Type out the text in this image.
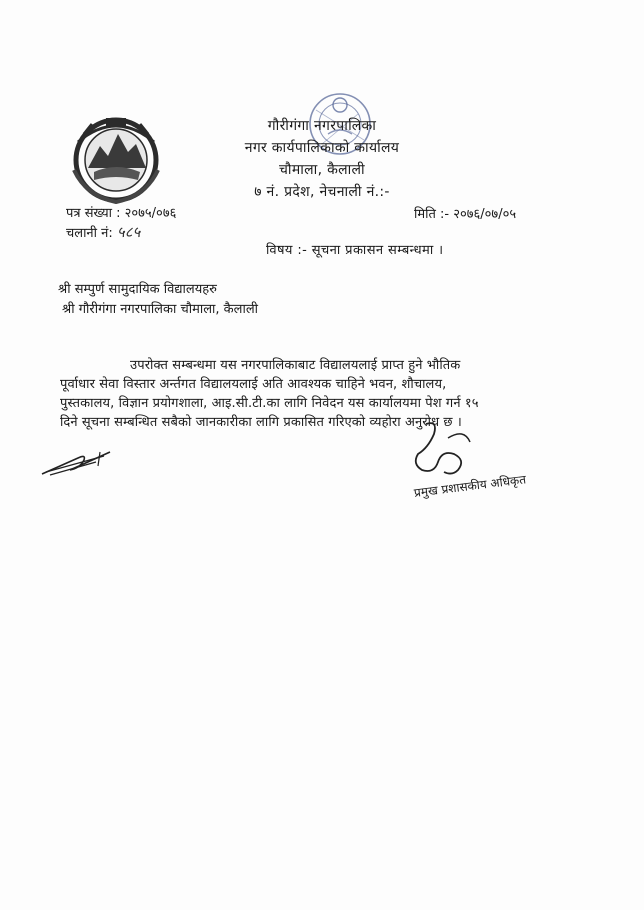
गौरीगंगा नगरपालिका
नगर कार्यपालिकाको कार्यालय
चौमाला, कैलाली
७ नं. प्रदेश, नेचनाली नं.:-
पत्र संख्या : २०७५/०७६
चलानी नं: ५८५
मिति :- २०७६/०७/०५
विषय :- सूचना प्रकासन सम्बन्धमा ।
श्री सम्पुर्ण सामुदायिक विद्यालयहरु
श्री गौरीगंगा नगरपालिका चौमाला, कैलाली
उपरोक्त सम्बन्धमा यस नगरपालिकाबाट विद्यालयलाई प्राप्त हुने भौतिक
पूर्वाधार सेवा विस्तार अर्न्तगत विद्यालयलाई अति आवश्यक चाहिने भवन, शौचालय,
पुस्तकालय, विज्ञान प्रयोगशाला, आइ.सी.टी.का लागि निवेदन यस कार्यालयमा पेश गर्न १५
दिने सूचना सम्बन्धित सबैको जानकारीका लागि प्रकासित गरिएको व्यहोरा अनुरोध छ ।
प्रमुख प्रशासकीय अधिकृत
